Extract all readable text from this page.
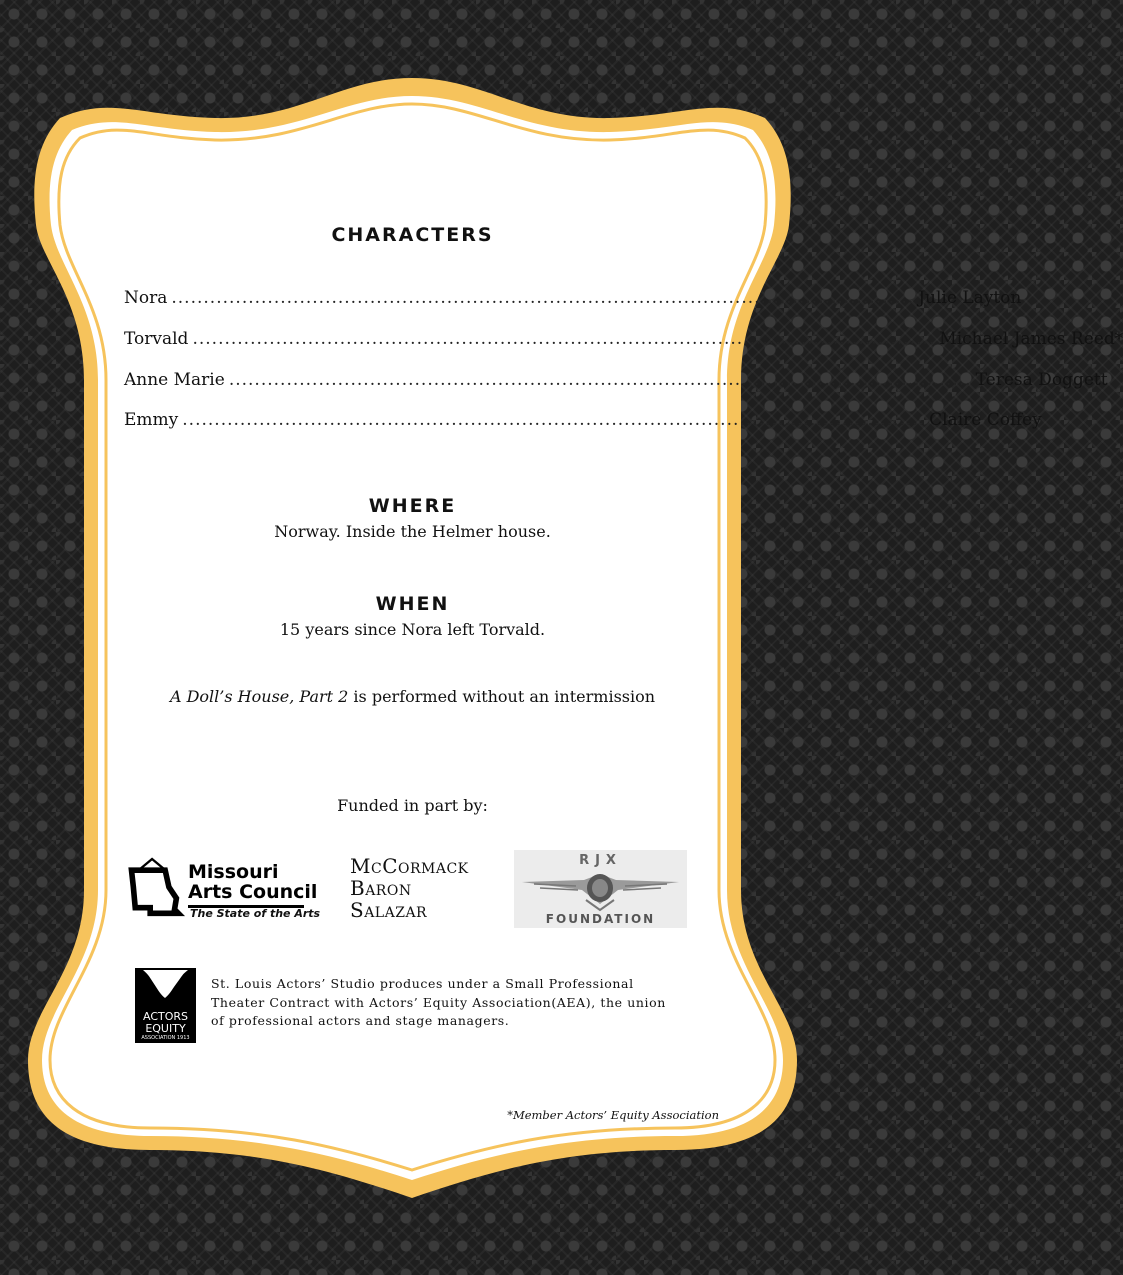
CHARACTERS
Nora .................................................................................................................... Julie Layton
Torvald .................................................................................................................... Michael James Reed*
Anne Marie .................................................................................................................... Teresa Doggett
Emmy .................................................................................................................... Claire Coffey
WHERE
Norway. Inside the Helmer house.
WHEN
15 years since Nora left Torvald.
A Doll’s House, Part 2 is performed without an intermission
Funded in part by:
Missouri
Arts Council
The State of the Arts
McCormack
Baron
Salazar
RJX
FOUNDATION
ACTORS
EQUITY
ASSOCIATION 1913
St. Louis Actors’ Studio produces under a Small Professional Theater Contract with Actors’ Equity Association(AEA), the union of professional actors and stage managers.
*Member Actors’ Equity Association
